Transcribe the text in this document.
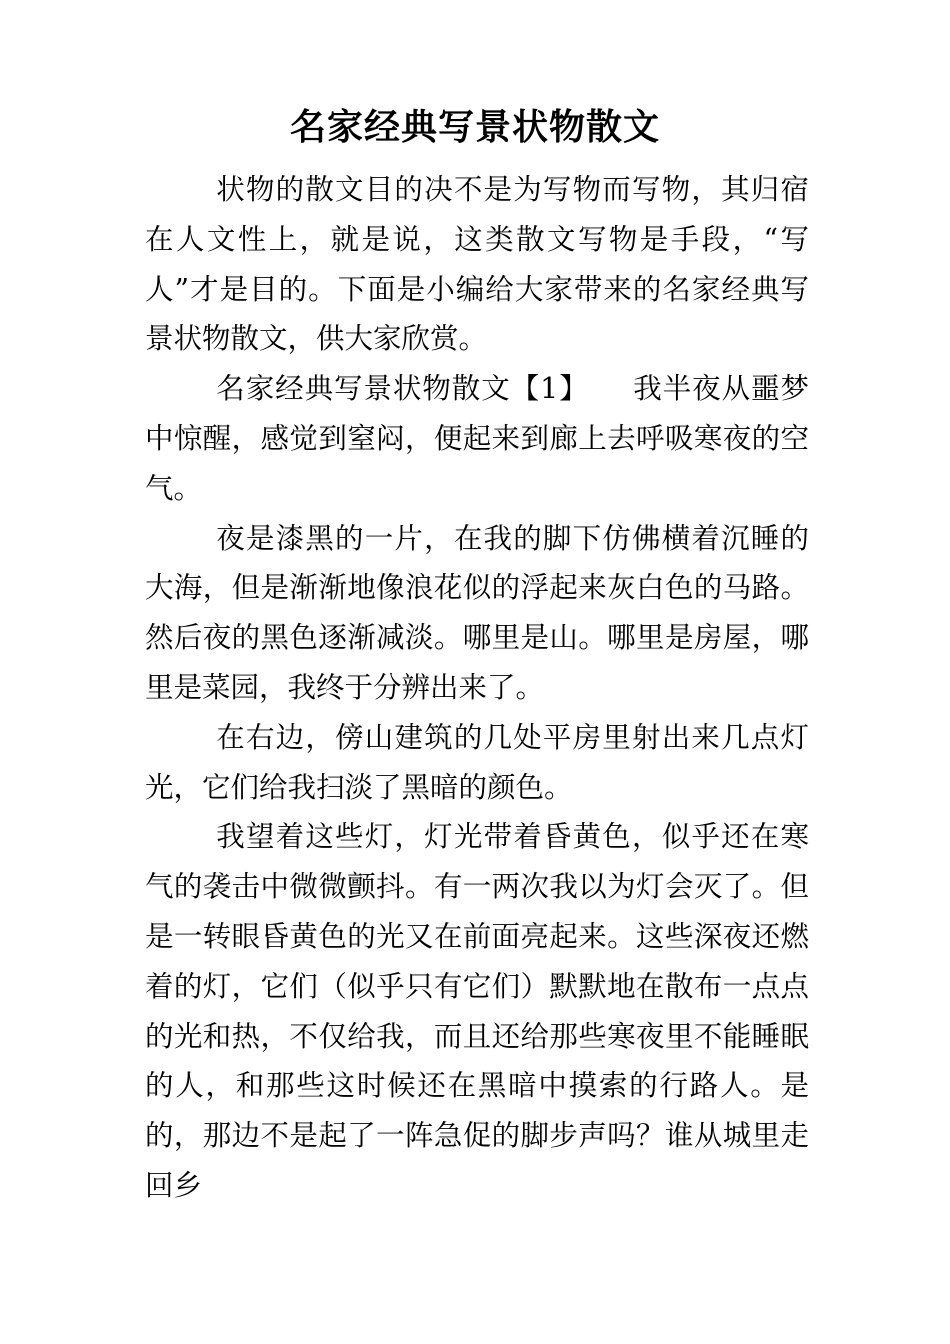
名家经典写景状物散文

状物的散文目的决不是为写物而写物，其归宿在人文性上，就是说，这类散文写物是手段，“写人”才是目的。下面是小编给大家带来的名家经典写景状物散文，供大家欣赏。

名家经典写景状物散文【1】　　我半夜从噩梦中惊醒，感觉到窒闷，便起来到廊上去呼吸寒夜的空气。

夜是漆黑的一片，在我的脚下仿佛横着沉睡的大海，但是渐渐地像浪花似的浮起来灰白色的马路。然后夜的黑色逐渐减淡。哪里是山。哪里是房屋，哪里是菜园，我终于分辨出来了。

在右边，傍山建筑的几处平房里射出来几点灯光，它们给我扫淡了黑暗的颜色。

我望着这些灯，灯光带着昏黄色，似乎还在寒气的袭击中微微颤抖。有一两次我以为灯会灭了。但是一转眼昏黄色的光又在前面亮起来。这些深夜还燃着的灯，它们（似乎只有它们）默默地在散布一点点的光和热，不仅给我，而且还给那些寒夜里不能睡眠的人，和那些这时候还在黑暗中摸索的行路人。是的，那边不是起了一阵急促的脚步声吗？谁从城里走回乡
